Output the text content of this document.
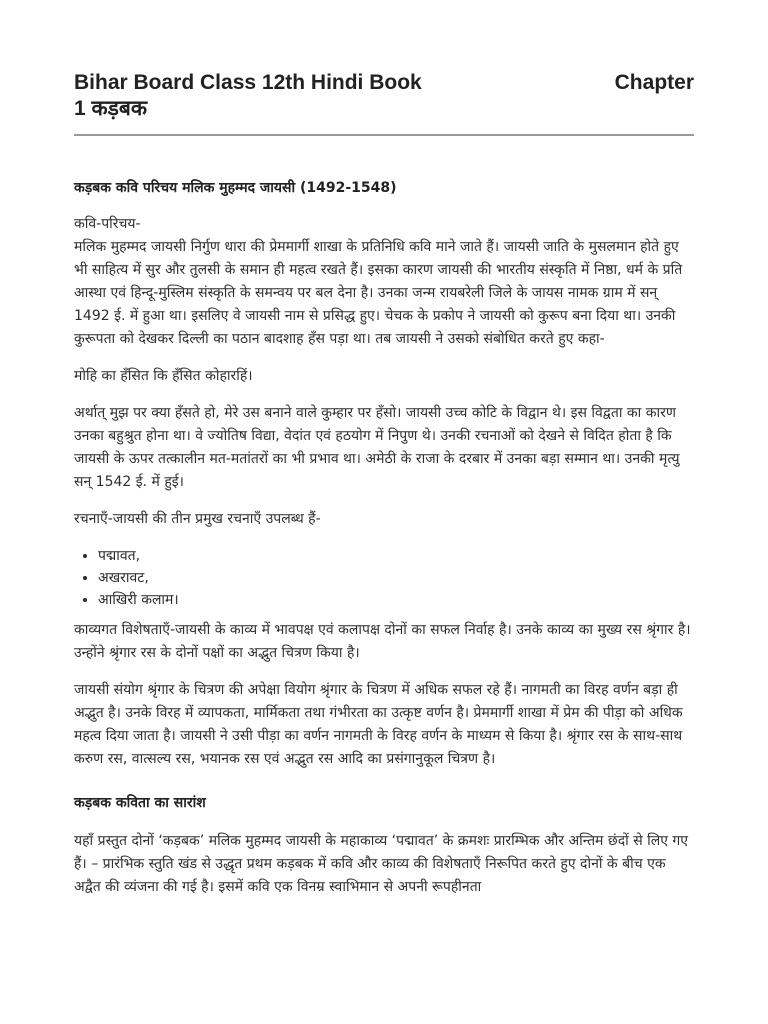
Bihar Board Class 12th Hindi Book	Chapter
1 कड़बक
कड़बक कवि परिचय मलिक मुहम्मद जायसी (1492-1548)

कवि-परिचय-
मलिक मुहम्मद जायसी निर्गुण धारा की प्रेममार्गी शाखा के प्रतिनिधि कवि माने जाते हैं। जायसी जाति के मुसलमान होते हुए भी साहित्य में सुर और तुलसी के समान ही महत्व रखते हैं। इसका कारण जायसी की भारतीय संस्कृति में निष्ठा, धर्म के प्रति आस्था एवं हिन्दू-मुस्लिम संस्कृति के समन्वय पर बल देना है। उनका जन्म रायबरेली जिले के जायस नामक ग्राम में सन् 1492 ई. में हुआ था। इसलिए वे जायसी नाम से प्रसिद्ध हुए। चेचक के प्रकोप ने जायसी को कुरूप बना दिया था। उनकी कुरूपता को देखकर दिल्ली का पठान बादशाह हँस पड़ा था। तब जायसी ने उसको संबोधित करते हुए कहा-

मोहि का हँसित कि हँसित कोहारहिं।

अर्थात् मुझ पर क्या हँसते हो, मेरे उस बनाने वाले कुम्हार पर हँसो। जायसी उच्च कोटि के विद्वान थे। इस विद्वता का कारण उनका बहुश्रुत होना था। वे ज्योतिष विद्या, वेदांत एवं हठयोग में निपुण थे। उनकी रचनाओं को देखने से विदित होता है कि जायसी के ऊपर तत्कालीन मत-मतांतरों का भी प्रभाव था। अमेठी के राजा के दरबार में उनका बड़ा सम्मान था। उनकी मृत्यु सन् 1542 ई. में हुई।

रचनाएँ-जायसी की तीन प्रमुख रचनाएँ उपलब्ध हैं-

• पद्मावत,
• अखरावट,
• आखिरी कलाम।

काव्यगत विशेषताएँ-जायसी के काव्य में भावपक्ष एवं कलापक्ष दोनों का सफल निर्वाह है। उनके काव्य का मुख्य रस श्रृंगार है। उन्होंने श्रृंगार रस के दोनों पक्षों का अद्भुत चित्रण किया है।

जायसी संयोग श्रृंगार के चित्रण की अपेक्षा वियोग श्रृंगार के चित्रण में अधिक सफल रहे हैं। नागमती का विरह वर्णन बड़ा ही अद्भुत है। उनके विरह में व्यापकता, मार्मिकता तथा गंभीरता का उत्कृष्ट वर्णन है। प्रेममार्गी शाखा में प्रेम की पीड़ा को अधिक महत्व दिया जाता है। जायसी ने उसी पीड़ा का वर्णन नागमती के विरह वर्णन के माध्यम से किया है। श्रृंगार रस के साथ-साथ करुण रस, वात्सल्य रस, भयानक रस एवं अद्भुत रस आदि का प्रसंगानुकूल चित्रण है।

कड़बक कविता का सारांश

यहाँ प्रस्तुत दोनों ‘कड़बक’ मलिक मुहम्मद जायसी के महाकाव्य ‘पद्मावत’ के क्रमशः प्रारम्भिक और अन्तिम छंदों से लिए गए हैं। – प्रारंभिक स्तुति खंड से उद्धृत प्रथम कड़बक में कवि और काव्य की विशेषताएँ निरूपित करते हुए दोनों के बीच एक अद्वैत की व्यंजना की गई है। इसमें कवि एक विनम्र स्वाभिमान से अपनी रूपहीनता
